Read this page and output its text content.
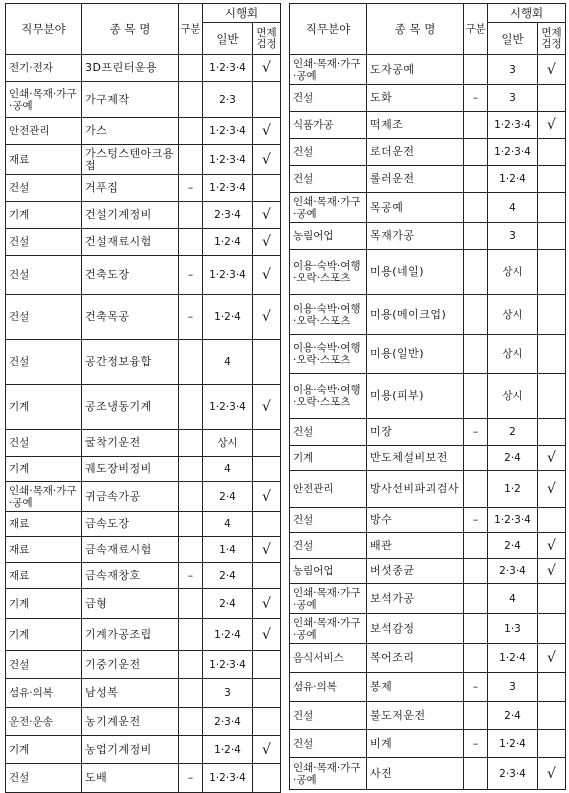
직무분야	종 목 명	구분	시행회	
			일반	면제검정
전기·전자	3D프린터운용		1·2·3·4	√
인쇄·목재·가구·공예	가구제작		2·3	
안전관리	가스		1·2·3·4	√
재료	가스텅스텐아크용접		1·2·3·4	√
건설	거푸집	–	1·2·3·4	
기계	건설기계정비		2·3·4	√
건설	건설재료시험		1·2·4	√
건설	건축도장	–	1·2·3·4	√
건설	건축목공	–	1·2·4	√
건설	공간정보융합		4	
기계	공조냉동기계		1·2·3·4	√
건설	굴착기운전		상시	
기계	궤도장비정비		4	
인쇄·목재·가구·공예	귀금속가공		2·4	√
재료	금속도장		4	
재료	금속재료시험		1·4	√
재료	금속재창호	–	2·4	
기계	금형		2·4	√
기계	기계가공조립		1·2·4	√
건설	기중기운전		1·2·3·4	
섬유·의복	남성복		3	
운전·운송	농기계운전		2·3·4	
기계	농업기계정비		1·2·4	√
건설	도배	–	1·2·3·4	
직무분야	종 목 명	구분	시행회	
			일반	면제검정
인쇄·목재·가구·공예	도자공예		3	√
건설	도화	–	3	
식품가공	떡제조		1·2·3·4	√
건설	로더운전		1·2·3·4	
건설	롤러운전		1·2·4	
인쇄·목재·가구·공예	목공예		4	
농림어업	목재가공		3	
이용·숙박·여행·오락·스포츠	미용(네일)		상시	
이용·숙박·여행·오락·스포츠	미용(메이크업)		상시	
이용·숙박·여행·오락·스포츠	미용(일반)		상시	
이용·숙박·여행·오락·스포츠	미용(피부)		상시	
건설	미장	–	2	
기계	반도체설비보전		2·4	√
안전관리	방사선비파괴검사		1·2	√
건설	방수	–	1·2·3·4	
건설	배관		2·4	√
농림어업	버섯종균		2·3·4	√
인쇄·목재·가구·공예	보석가공		4	
인쇄·목재·가구·공예	보석감정		1·3	
음식서비스	복어조리		1·2·4	√
섬유·의복	봉제	–	3	
건설	불도저운전		2·4	
건설	비계	–	1·2·4	
인쇄·목재·가구·공예	사진		2·3·4	√
